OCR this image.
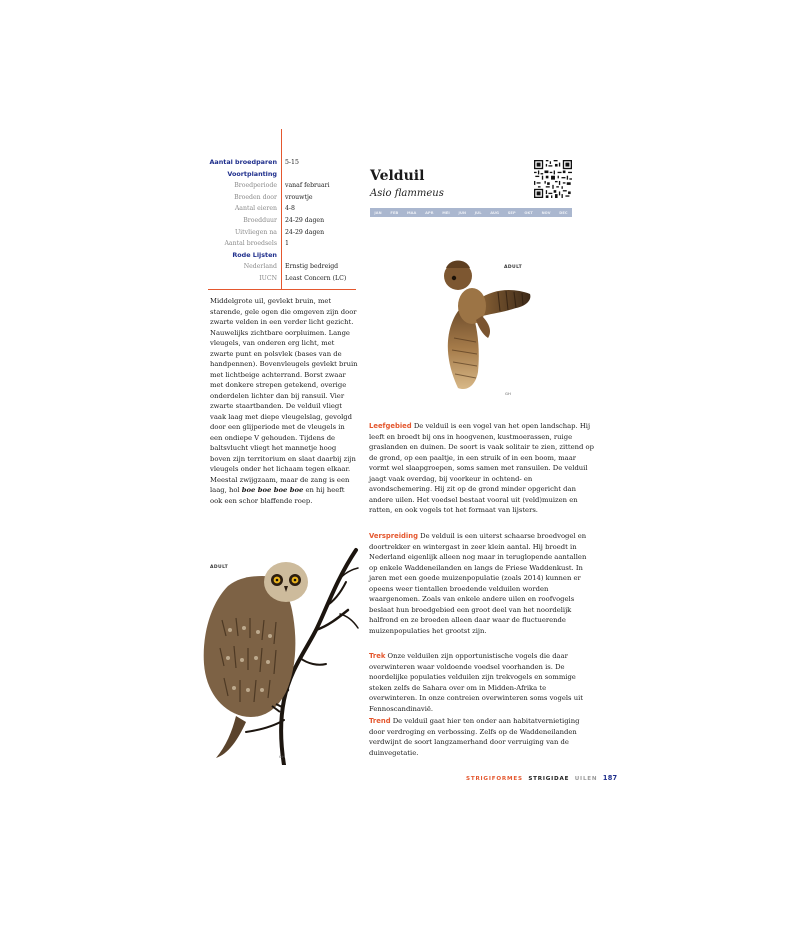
Aantal broedparen	5-15
Voortplanting
Broedperiode	vanaf februari
Broeden door	vrouwtje
Aantal eieren	4-8
Broedduur	24-29 dagen
Uitvliegen na	24-29 dagen
Aantal broedsels	1
Rode Lijsten
Nederland	Ernstig bedreigd
IUCN	Least Concern (LC)
Middelgrote uil, gevlekt bruin, met starende, gele ogen die omgeven zijn door zwarte velden in een verder licht gezicht. Nauwelijks zichtbare oorpluimen. Lange vleugels, van onderen erg licht, met zwarte punt en polsvlek (bases van de handpennen). Bovenvleugels gevlekt bruin met lichtbeige achterrand. Borst zwaar met donkere strepen getekend, overige onderdelen lichter dan bij ransuil. Vier zwarte staartbanden. De velduil vliegt vaak laag met diepe vleugelslag, gevolgd door een glijperiode met de vleugels in een ondiepe V gehouden. Tijdens de baltsvlucht vliegt het mannetje hoog boven zijn territorium en slaat daarbij zijn vleugels onder het lichaam tegen elkaar. Meestal zwijgzaam, maar de zang is een laag, hol boe boe boe boe en hij heeft ook een schor blaffende roep.
Velduil
Asio flammeus
JAN FEB MAA APR MEI JUN JUL AUG SEP OKT NOV DEC
ADULT
GH
ADULT
GH
Leefgebied De velduil is een vogel van het open landschap. Hij leeft en broedt bij ons in hoogvenen, kustmoerassen, ruige graslanden en duinen. De soort is vaak solitair te zien, zittend op de grond, op een paaltje, in een struik of in een boom, maar vormt wel slaapgroepen, soms samen met ransuilen. De velduil jaagt vaak overdag, bij voorkeur in ochtend- en avondschemering. Hij zit op de grond minder opgericht dan andere uilen. Het voedsel bestaat vooral uit (veld)muizen en ratten, en ook vogels tot het formaat van lijsters.
Verspreiding De velduil is een uiterst schaarse broedvogel en doortrekker en wintergast in zeer klein aantal. Hij broedt in Nederland eigenlijk alleen nog maar in teruglopende aantallen op enkele Waddeneilanden en langs de Friese Waddenkust. In jaren met een goede muizenpopulatie (zoals 2014) kunnen er opeens weer tientallen broedende velduilen worden waargenomen. Zoals van enkele andere uilen en roofvogels beslaat hun broedgebied een groot deel van het noordelijk halfrond en ze broeden alleen daar waar de fluctuerende muizenpopulaties het grootst zijn.
Trek Onze velduilen zijn opportunistische vogels die daar overwinteren waar voldoende voedsel voorhanden is. De noordelijke populaties velduilen zijn trekvogels en sommige steken zelfs de Sahara over om in Midden-Afrika te overwinteren. In onze contreien overwinteren soms vogels uit Fennoscandinavië.
Trend De velduil gaat hier ten onder aan habitatvernietiging door verdroging en verbossing. Zelfs op de Waddeneilanden verdwijnt de soort langzamerhand door verruiging van de duinvegetatie.
STRIGIFORMES STRIGIDAE UILEN 187
